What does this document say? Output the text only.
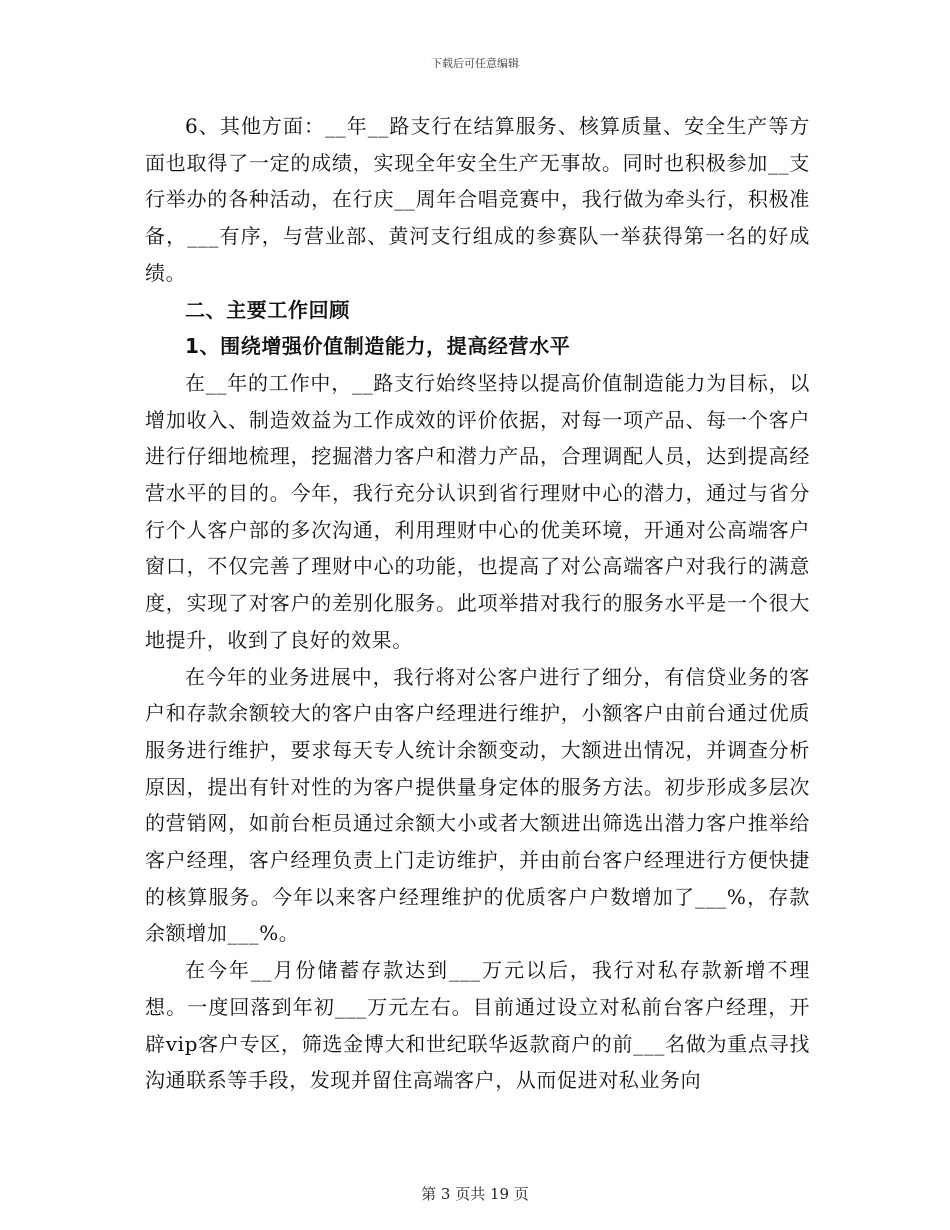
下载后可任意编辑

6、其他方面：__年__路支行在结算服务、核算质量、安全生产等方面也取得了一定的成绩，实现全年安全生产无事故。同时也积极参加__支行举办的各种活动，在行庆__周年合唱竞赛中，我行做为牵头行，积极准备，___有序，与营业部、黄河支行组成的参赛队一举获得第一名的好成绩。

二、主要工作回顾

1、围绕增强价值制造能力，提高经营水平

在__年的工作中，__路支行始终坚持以提高价值制造能力为目标，以增加收入、制造效益为工作成效的评价依据，对每一项产品、每一个客户进行仔细地梳理，挖掘潜力客户和潜力产品，合理调配人员，达到提高经营水平的目的。今年，我行充分认识到省行理财中心的潜力，通过与省分行个人客户部的多次沟通，利用理财中心的优美环境，开通对公高端客户窗口，不仅完善了理财中心的功能，也提高了对公高端客户对我行的满意度，实现了对客户的差别化服务。此项举措对我行的服务水平是一个很大地提升，收到了良好的效果。

在今年的业务进展中，我行将对公客户进行了细分，有信贷业务的客户和存款余额较大的客户由客户经理进行维护，小额客户由前台通过优质服务进行维护，要求每天专人统计余额变动，大额进出情况，并调查分析原因，提出有针对性的为客户提供量身定体的服务方法。初步形成多层次的营销网，如前台柜员通过余额大小或者大额进出筛选出潜力客户推举给客户经理，客户经理负责上门走访维护，并由前台客户经理进行方便快捷的核算服务。今年以来客户经理维护的优质客户户数增加了___%，存款余额增加___%。

在今年__月份储蓄存款达到___万元以后，我行对私存款新增不理想。一度回落到年初___万元左右。目前通过设立对私前台客户经理，开辟vip客户专区，筛选金博大和世纪联华返款商户的前___名做为重点寻找沟通联系等手段，发现并留住高端客户，从而促进对私业务向

第 3 页共 19 页
